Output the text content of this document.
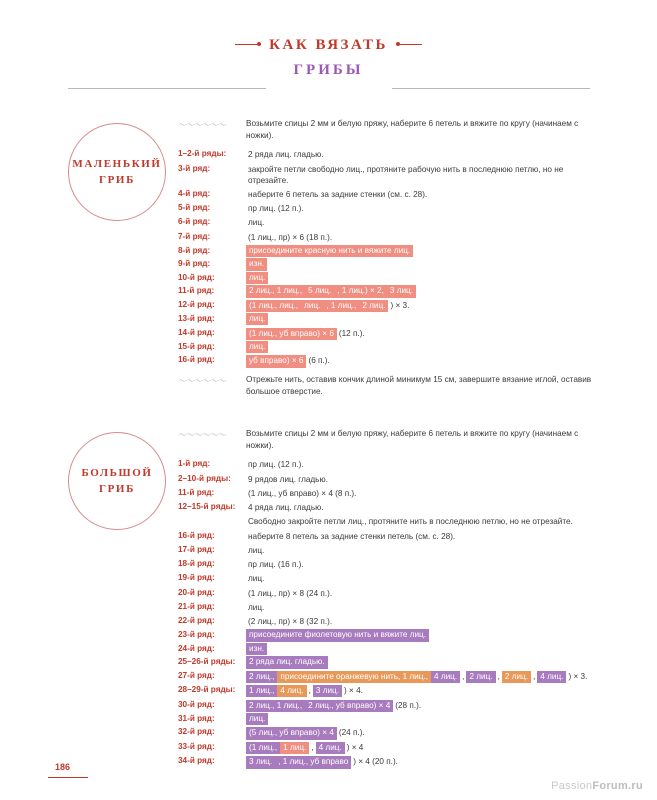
КАК ВЯЗАТЬ
ГРИБЫ
МАЛЕНЬКИЙ
ГРИБ
БОЛЬШОЙ
ГРИБ
〜〜〜〜〜〜	Возьмите спицы 2 мм и белую пряжу, наберите 6 петель и вяжите по кругу (начинаем с ножки).
1–2-й ряды:	2 ряда лиц. гладью.
3-й ряд:	закройте петли свободно лиц., протяните рабочую нить в последнюю петлю, но не отрезайте.
4-й ряд:	наберите 6 петель за задние стенки (см. с. 28).
5-й ряд:	пр лиц. (12 п.).
6-й ряд:	лиц.
7-й ряд:	(1 лиц., пр) × 6 (18 п.).
8-й ряд:	присоедините красную нить и вяжите лиц.
9-й ряд:	изн.
10-й ряд:	лиц.
11-й ряд:	2 лиц., 1 лиц.,5 лиц. , 1 лиц.) × 2,3 лиц.
12-й ряд:	(1 лиц., лиц.,лиц. , 1 лиц.,2 лиц. ) × 3.
13-й ряд:	лиц.
14-й ряд:	(1 лиц., уб вправо) × 6(12 п.).
15-й ряд:	лиц.
16-й ряд:	уб вправо) × 6(6 п.).
〜〜〜〜〜〜	Отрежьте нить, оставив кончик длиной минимум 15 см, завершите вязание иглой, оставив большое отверстие.
〜〜〜〜〜〜	Возьмите спицы 2 мм и белую пряжу, наберите 6 петель и вяжите по кругу (начинаем с ножки).
1-й ряд:	пр лиц. (12 п.).
2–10-й ряды:	9 рядов лиц. гладью.
11-й ряд:	(1 лиц., уб вправо) × 4 (8 п.).
12–15-й ряды:	4 ряда лиц. гладью.
	Свободно закройте петли лиц., протяните нить в последнюю петлю, но не отрезайте.
16-й ряд:	наберите 8 петель за задние стенки петель (см. с. 28).
17-й ряд:	лиц.
18-й ряд:	пр лиц. (16 п.).
19-й ряд:	лиц.
20-й ряд:	(1 лиц., пр) × 8 (24 п.).
21-й ряд:	лиц.
22-й ряд:	(2 лиц., пр) × 8 (32 п.).
23-й ряд:	присоедините фиолетовую нить и вяжите лиц.
24-й ряд:	изн.
25–26-й ряды:	2 ряда лиц. гладью.
27-й ряд:	2 лиц.,присоедините оранжевую нить, 1 лиц.,4 лиц. ,2 лиц. ,2 лиц. ,4 лиц. ) × 3.
28–29-й ряды:	1 лиц.,4 лиц. ,3 лиц. ) × 4.
30-й ряд:	2 лиц., 1 лиц.,2 лиц., уб вправо) × 4(28 п.).
31-й ряд:	лиц.
32-й ряд:	(5 лиц., уб вправо) × 4(24 п.).
33-й ряд:	(1 лиц.,1 лиц. ,4 лиц. ) × 4
34-й ряд:	3 лиц. , 1 лиц., уб вправо ) × 4 (20 п.).
186
PassionForum.ru
